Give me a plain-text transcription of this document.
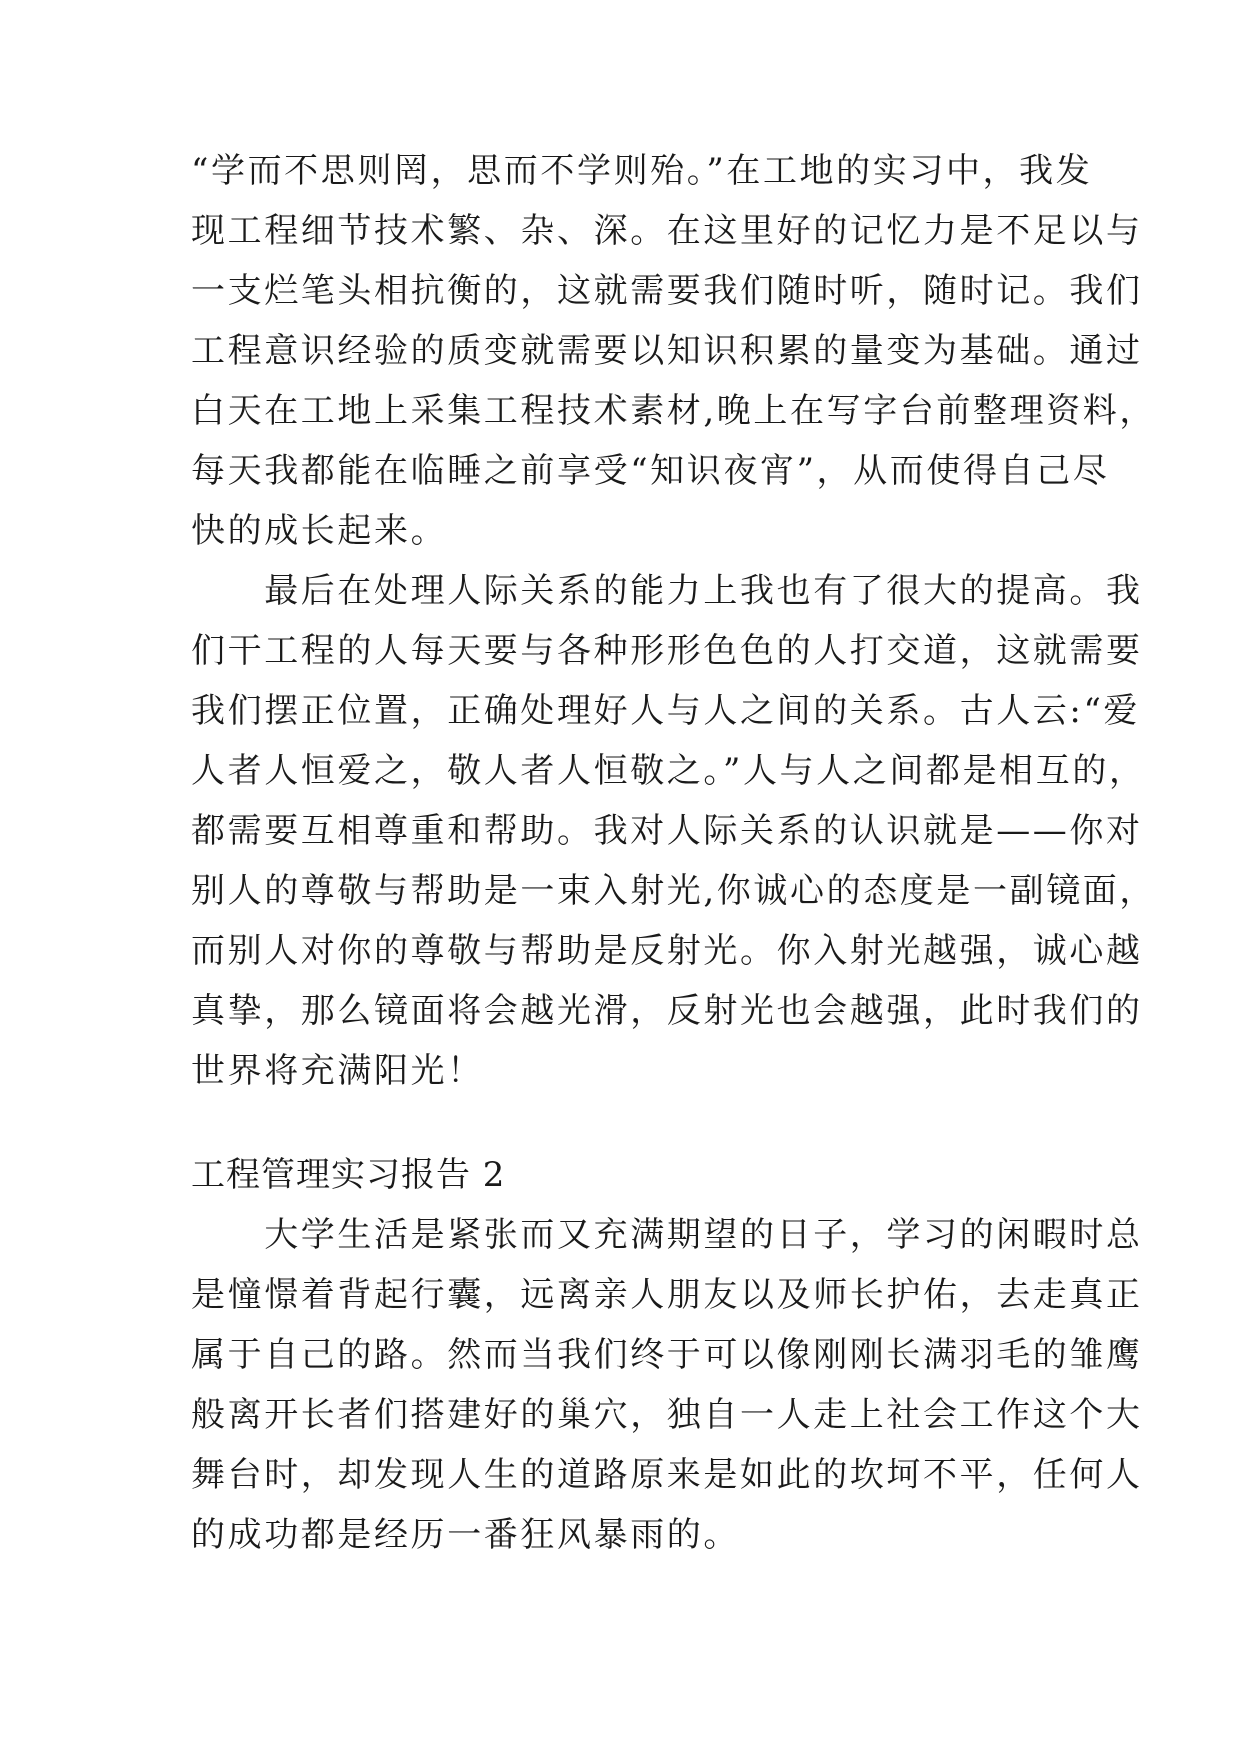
“学而不思则罔，思而不学则殆。”在工地的实习中，我发
现工程细节技术繁、杂、深。在这里好的记忆力是不足以与
一支烂笔头相抗衡的，这就需要我们随时听，随时记。我们
工程意识经验的质变就需要以知识积累的量变为基础。通过
白天在工地上采集工程技术素材,晚上在写字台前整理资料，
每天我都能在临睡之前享受“知识夜宵”，从而使得自己尽
快的成长起来。
　　最后在处理人际关系的能力上我也有了很大的提高。我
们干工程的人每天要与各种形形色色的人打交道，这就需要
我们摆正位置，正确处理好人与人之间的关系。古人云:“爱
人者人恒爱之，敬人者人恒敬之。”人与人之间都是相互的，
都需要互相尊重和帮助。我对人际关系的认识就是——你对
别人的尊敬与帮助是一束入射光,你诚心的态度是一副镜面，
而别人对你的尊敬与帮助是反射光。你入射光越强，诚心越
真挚，那么镜面将会越光滑，反射光也会越强，此时我们的
世界将充满阳光！
工程管理实习报告 2
　　大学生活是紧张而又充满期望的日子，学习的闲暇时总
是憧憬着背起行囊，远离亲人朋友以及师长护佑，去走真正
属于自己的路。然而当我们终于可以像刚刚长满羽毛的雏鹰
般离开长者们搭建好的巢穴，独自一人走上社会工作这个大
舞台时，却发现人生的道路原来是如此的坎坷不平，任何人
的成功都是经历一番狂风暴雨的。
